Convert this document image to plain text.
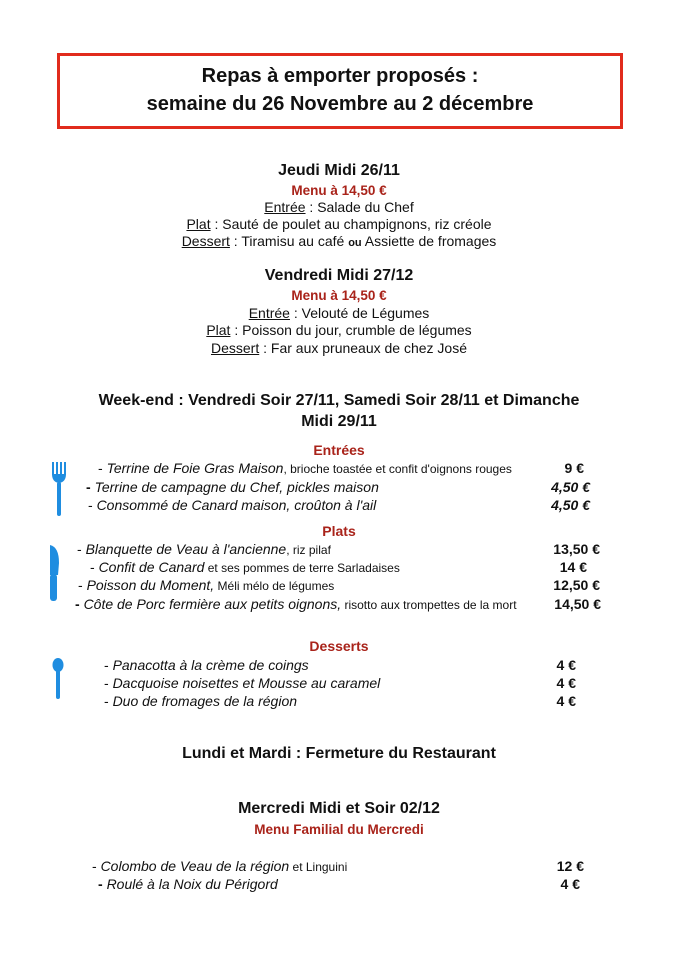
Repas à emporter proposés :
semaine du 26 Novembre au 2 décembre
Jeudi Midi 26/11
Menu à 14,50 €
Entrée : Salade du Chef
Plat : Sauté de poulet au champignons, riz créole
Dessert : Tiramisu au café ou Assiette de fromages
Vendredi Midi 27/12
Menu à 14,50 €
Entrée : Velouté de Légumes
Plat : Poisson du jour, crumble de légumes
Dessert : Far aux pruneaux de chez José
Week-end : Vendredi Soir 27/11, Samedi Soir 28/11 et Dimanche
Midi 29/11
Entrées
- Terrine de Foie Gras Maison, brioche toastée et confit d'oignons rouges	9 €
- Terrine de campagne du Chef, pickles maison	4,50 €
- Consommé de Canard maison, croûton à l'ail	4,50 €
Plats
- Blanquette de Veau à l'ancienne, riz pilaf	13,50 €
- Confit de Canard et ses pommes de terre Sarladaises	14 €
- Poisson du Moment, Méli mélo de légumes	12,50 €
- Côte de Porc fermière aux petits oignons, risotto aux trompettes de la mort	14,50 €
Desserts
- Panacotta à la crème de coings	4 €
- Dacquoise noisettes et Mousse au caramel	4 €
- Duo de fromages de la région	4 €
Lundi et Mardi : Fermeture du Restaurant
Mercredi Midi et Soir 02/12
Menu Familial du Mercredi
- Colombo de Veau de la région et Linguini	12 €
- Roulé à la Noix du Périgord	4 €
